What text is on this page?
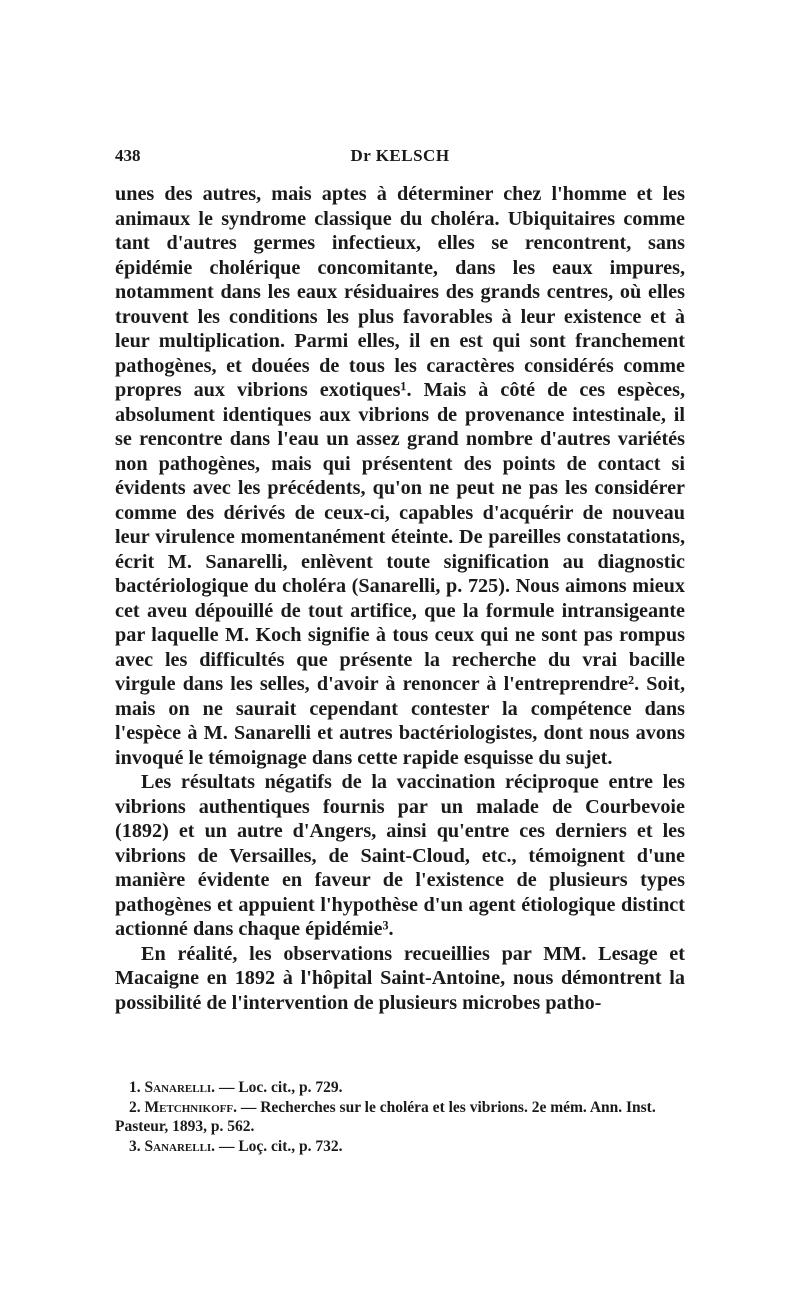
438	Dr KELSCH

unes des autres, mais aptes à déterminer chez l'homme et les animaux le syndrome classique du choléra. Ubiquitaires comme tant d'autres germes infectieux, elles se rencontrent, sans épidémie cholérique concomitante, dans les eaux impures, notamment dans les eaux résiduaires des grands centres, où elles trouvent les conditions les plus favorables à leur existence et à leur multiplication. Parmi elles, il en est qui sont franchement pathogènes, et douées de tous les caractères considérés comme propres aux vibrions exotiques¹. Mais à côté de ces espèces, absolument identiques aux vibrions de provenance intestinale, il se rencontre dans l'eau un assez grand nombre d'autres variétés non pathogènes, mais qui présentent des points de contact si évidents avec les précédents, qu'on ne peut ne pas les considérer comme des dérivés de ceux-ci, capables d'acquérir de nouveau leur virulence momentanément éteinte. De pareilles constatations, écrit M. Sanarelli, enlèvent toute signification au diagnostic bactériologique du choléra (Sanarelli, p. 725). Nous aimons mieux cet aveu dépouillé de tout artifice, que la formule intransigeante par laquelle M. Koch signifie à tous ceux qui ne sont pas rompus avec les difficultés que présente la recherche du vrai bacille virgule dans les selles, d'avoir à renoncer à l'entreprendre². Soit, mais on ne saurait cependant contester la compétence dans l'espèce à M. Sanarelli et autres bactériologistes, dont nous avons invoqué le témoignage dans cette rapide esquisse du sujet.

Les résultats négatifs de la vaccination réciproque entre les vibrions authentiques fournis par un malade de Courbevoie (1892) et un autre d'Angers, ainsi qu'entre ces derniers et les vibrions de Versailles, de Saint-Cloud, etc., témoignent d'une manière évidente en faveur de l'existence de plusieurs types pathogènes et appuient l'hypothèse d'un agent étiologique distinct actionné dans chaque épidémie³.

En réalité, les observations recueillies par MM. Lesage et Macaigne en 1892 à l'hôpital Saint-Antoine, nous démontrent la possibilité de l'intervention de plusieurs microbes patho-

1. Sanarelli. — Loc. cit., p. 729.

2. Metchnikoff. — Recherches sur le choléra et les vibrions. 2e mém. Ann. Inst. Pasteur, 1893, p. 562.

3. Sanarelli. — Loç. cit., p. 732.
